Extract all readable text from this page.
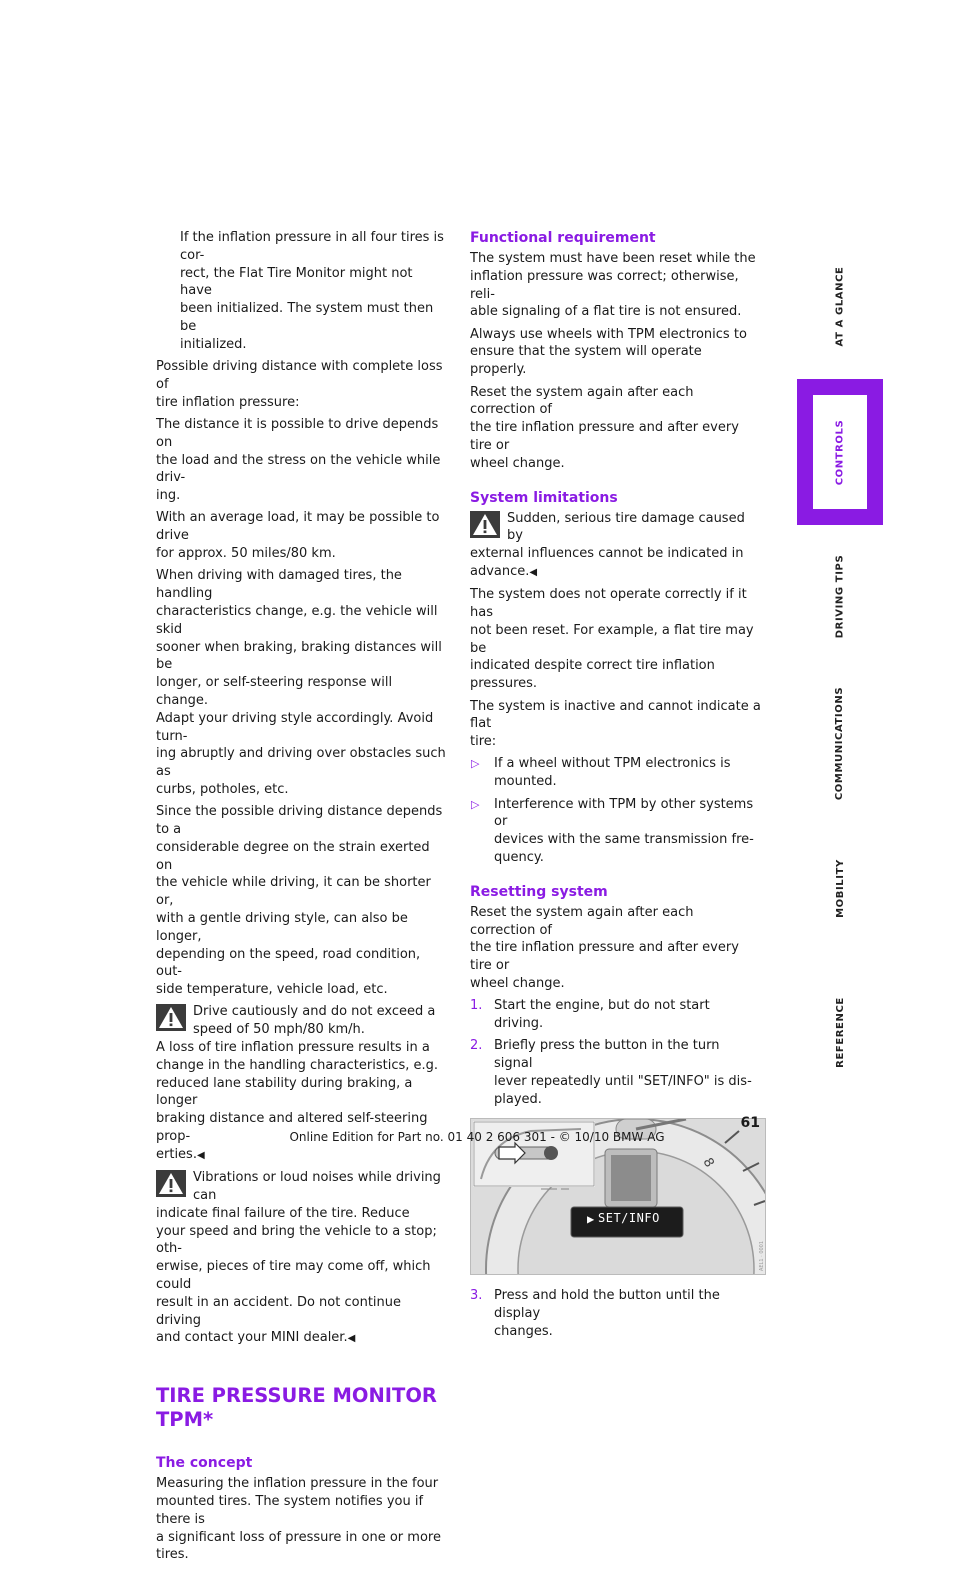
If the inflation pressure in all four tires is cor-
rect, the Flat Tire Monitor might not have
been initialized. The system must then be
initialized.

Possible driving distance with complete loss of
tire inflation pressure:

The distance it is possible to drive depends on
the load and the stress on the vehicle while driv-
ing.

With an average load, it may be possible to drive
for approx. 50 miles/80 km.

When driving with damaged tires, the handling
characteristics change, e.g. the vehicle will skid
sooner when braking, braking distances will be
longer, or self-steering response will change.
Adapt your driving style accordingly. Avoid turn-
ing abruptly and driving over obstacles such as
curbs, potholes, etc.

Since the possible driving distance depends to a
considerable degree on the strain exerted on
the vehicle while driving, it can be shorter or,
with a gentle driving style, can also be longer,
depending on the speed, road condition, out-
side temperature, vehicle load, etc.

Drive cautiously and do not exceed a
speed of 50 mph/80 km/h.
A loss of tire inflation pressure results in a
change in the handling characteristics, e.g.
reduced lane stability during braking, a longer
braking distance and altered self-steering prop-
erties.◀
Vibrations or loud noises while driving can
indicate final failure of the tire. Reduce
your speed and bring the vehicle to a stop; oth-
erwise, pieces of tire may come off, which could
result in an accident. Do not continue driving
and contact your MINI dealer.◀
TIRE PRESSURE MONITOR
TPM*
The concept

Measuring the inflation pressure in the four
mounted tires. The system notifies you if there is
a significant loss of pressure in one or more tires.

Functional requirement

The system must have been reset while the
inflation pressure was correct; otherwise, reli-
able signaling of a flat tire is not ensured.

Always use wheels with TPM electronics to
ensure that the system will operate properly.

Reset the system again after each correction of
the tire inflation pressure and after every tire or
wheel change.

System limitations
Sudden, serious tire damage caused by
external influences cannot be indicated in
advance.◀

The system does not operate correctly if it has
not been reset. For example, a flat tire may be
indicated despite correct tire inflation pressures.

The system is inactive and cannot indicate a flat
tire:

▷ If a wheel without TPM electronics is
mounted.
▷ Interference with TPM by other systems or
devices with the same transmission fre-
quency.
Resetting system

Reset the system again after each correction of
the tire inflation pressure and after every tire or
wheel change.

1. Start the engine, but do not start driving.
2. Briefly press the button in the turn signal
lever repeatedly until "SET/INFO" is dis-
played.
8
AEL1 · 0001
▶ SET/INFO
3. Press and hold the button until the display
changes.
AT A GLANCE
CONTROLS
DRIVING TIPS
COMMUNICATIONS
MOBILITY
REFERENCE
61
Online Edition for Part no. 01 40 2 606 301 - © 10/10 BMW AG
